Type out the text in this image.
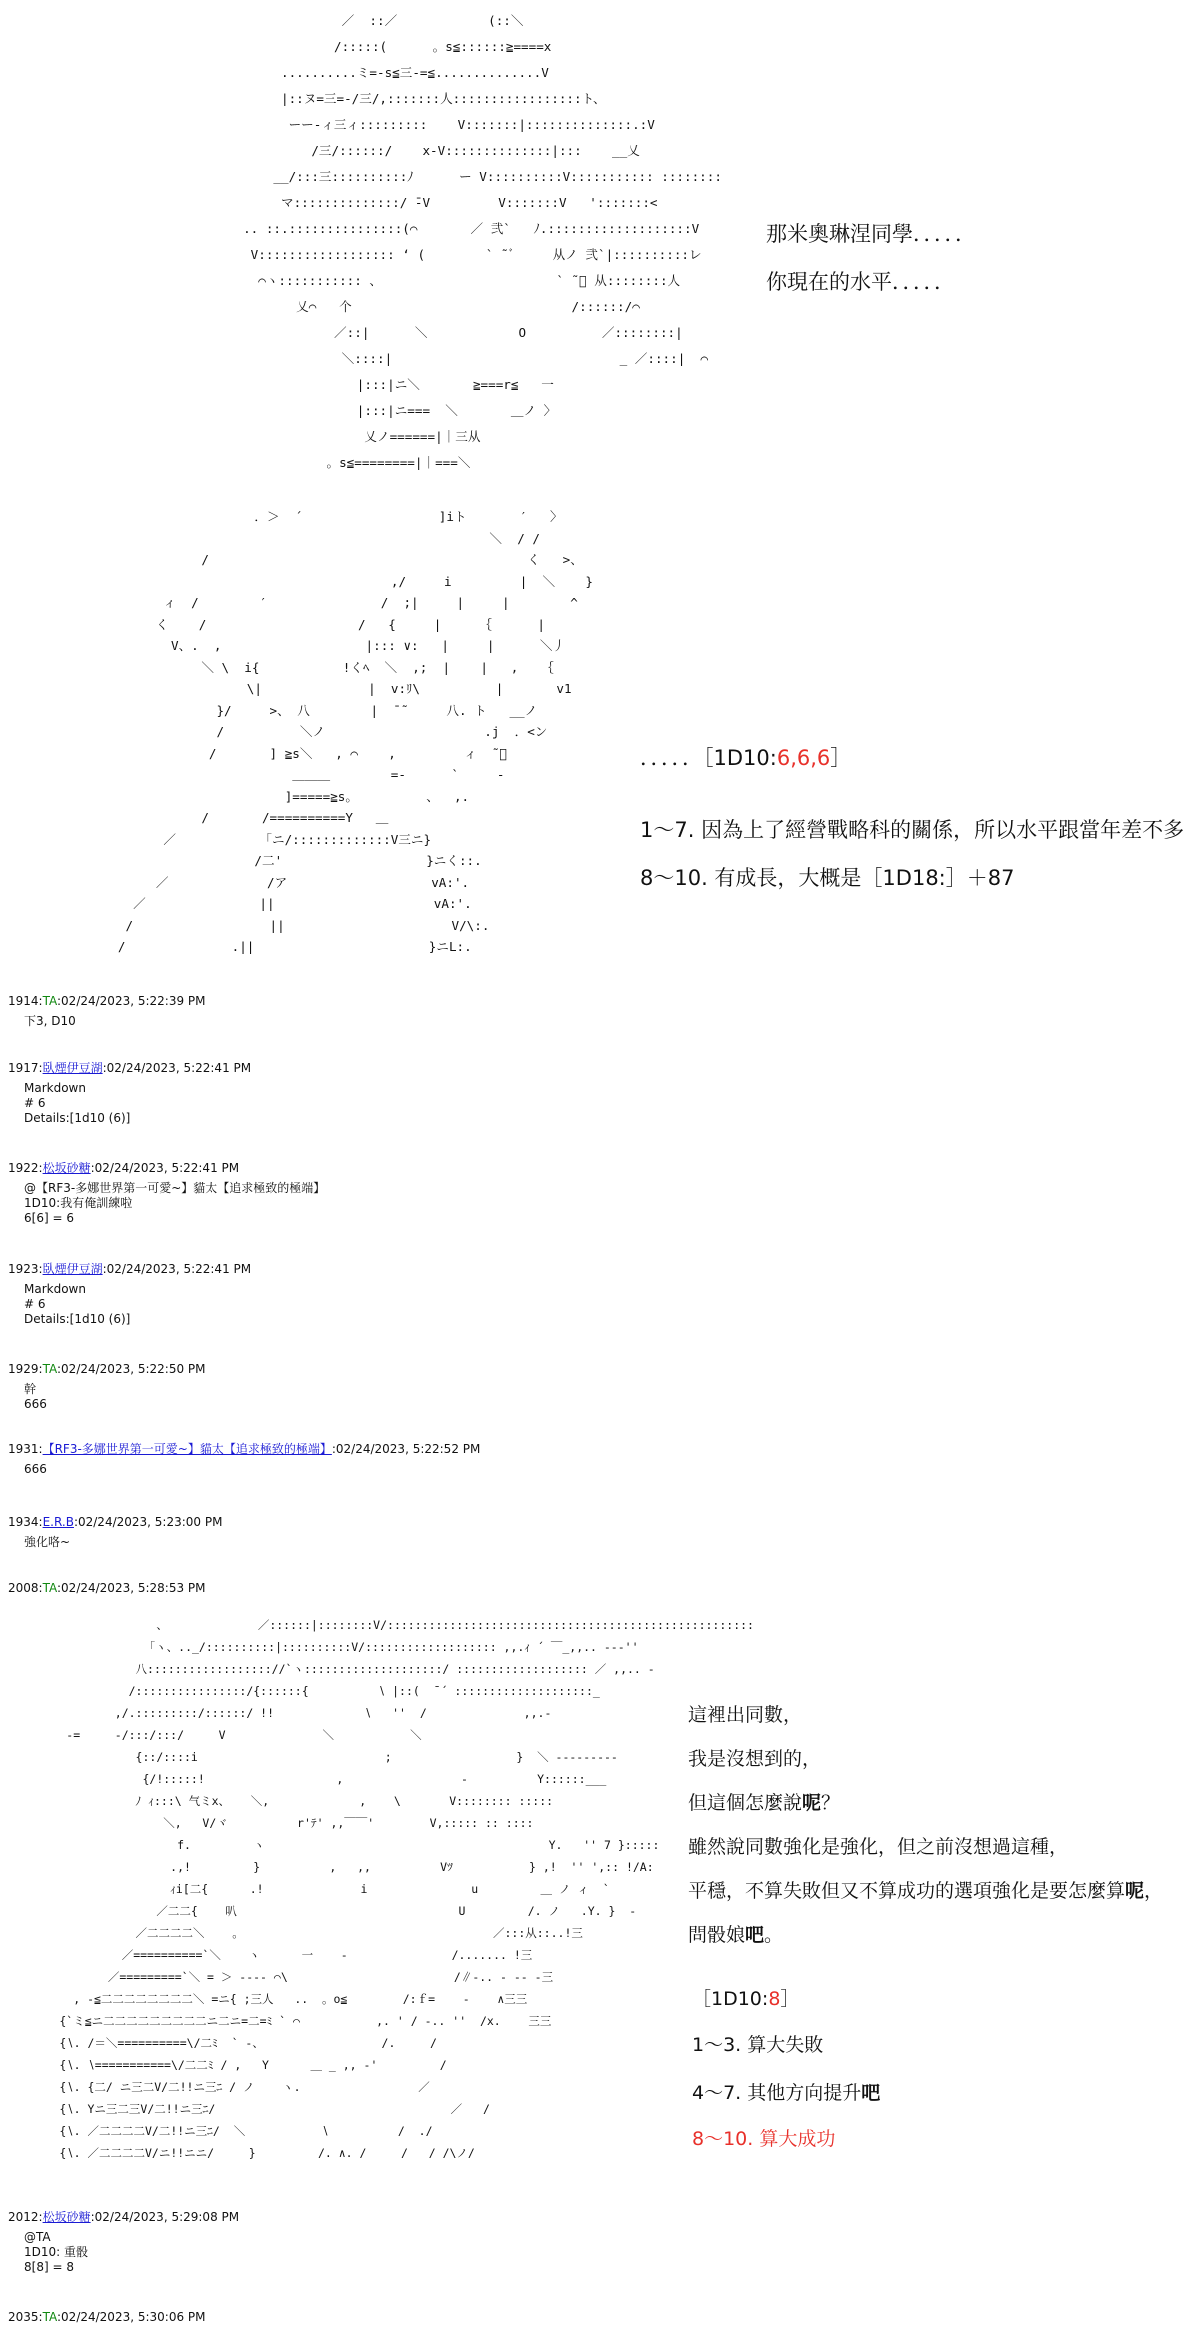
／  ::／            (::＼
/:::::(      。s≦::::::≧====x
..........ミ=-s≦三-=≦..............V
|::ヌ=三=-/三/,:::::::人:::::::::::::::::ト、
ーー-ィ三ィ:::::::::    V:::::::|::::::::::::::.:V
/三/::::::/    x-V::::::::::::::|:::    __乂
__/:::三::::::::::ﾉ      ー V::::::::::V::::::::::: ::::::::
マ::::::::::::::/ ̄-V         V:::::::V   ':::::::<
.. ::.:::::::::::::::(⌒       ／ 弐`   ﾉ.:::::::::::::::::::V
V:::::::::::::::::: ‘ (        ` ˜ﾞ     从ノ 弐`|::::::::::レ
⌒ヽ::::::::::: 、                       ` ˜ﾞ 从::::::::人
乂⌒   个                             /::::::/⌒
／::|      ＼            O          ／::::::::|
＼::::|                              _ ／::::|  ⌒
|:::|ニ＼       ≧===r≦   一
|:::|ニ===  ＼       ＿ノ 〉
乂ノ======|｜三从
。s≦========|｜===＼
那米奧琳涅同學．．．．．
你現在的水平．．．．．
．＞  ´                  ]iト       ′   〉
＼  / /
/                                          く   >、
,/     i         |  ＼    }
ィ  /        ′               /  ;|     |     |        ^
く    /                    /   {     |     ｛      |
V、.  ,                   |::: ∨:   |     |      ＼丿
＼ \  i{           !くﾍ  ＼  ,;  |    |   ,   ｛
\|              |  v:ﾘ\          |       v1
}/     >、 八        |  ̄ ˜     八. ト   __ノ
/          ＼ノ                     .j  ．<ン
/       ] ≧s＼   , ⌒    ,         ィ  ˜ﾞ
＿＿＿        =-      `     -
]=====≧s。         、  ,.
/       /==========Y   ＿
／           「ニ/:::::::::::::V三ニ}
/二'                   }ニく::.
／             /ア                   vA:'.
／               ||                     vA:'.
/                  ||                      V/\:.
/              .||                       }ニL:.
．．．．．［1D10:6,6,6］
1～7. 因為上了經營戰略科的關係，所以水平跟當年差不多
8～10. 有成長，大概是［1D18:］＋87
1914:TA:02/24/2023, 5:22:39 PM
下3, D10
1917:臥煙伊豆湖:02/24/2023, 5:22:41 PM
Markdown
# 6
Details:[1d10 (6)]
1922:松坂砂糖:02/24/2023, 5:22:41 PM
@【RF3-多娜世界第一可愛~】貓太【追求極致的極端】
1D10:我有俺訓練啦
6[6] = 6
1923:臥煙伊豆湖:02/24/2023, 5:22:41 PM
Markdown
# 6
Details:[1d10 (6)]
1929:TA:02/24/2023, 5:22:50 PM
幹
666
1931:【RF3-多娜世界第一可愛~】貓太【追求極致的極端】:02/24/2023, 5:22:52 PM
666
1934:E.R.B:02/24/2023, 5:23:00 PM
強化咯~
2008:TA:02/24/2023, 5:28:53 PM
2012:松坂砂糖:02/24/2023, 5:29:08 PM
@TA
1D10: 重骰
8[8] = 8
2035:TA:02/24/2023, 5:30:06 PM
、             ／::::::|::::::::V/:::::::::::::::::::::::::::::::::::::::::::::::::::::
｢ヽ、.._/::::::::::|::::::::::V/::::::::::::::::::: ,,.ｨ ´ ￣_,,.. ---''
八:::::::::::::::::://`ヽ::::::::::::::::::::/ ::::::::::::::::::: ／ ,,.. -
/::::::::::::::::/{::::::{          ∖ |::(  ̄ ´ ::::::::::::::::::::_
,/.:::::::::/::::::/ !!             ∖   ''  /              ,,.-
-=     -/:::/:::/     V              ＼           ＼
{::/::::i                           ;                  }  ＼ ---------
{/!:::::!                   ,                 -          Y::::::___
ﾉ ｨ:::\ 气ミx、   ＼,             ,    \       V:::::::: :::::
＼,   V/ヾ          r'ﾃ' ,,￣￣'        V,::::: :: ::::
f.         ヽ                                         Y.   '' 7 }:::::
.,!         }          ,   ,,          Vﾂ           } ,!  '' ',:: !/A:
ｨi[二{      .!              i               u         ＿ ノ ィ  `
／二二{    叭                                U         /. ノ   .Y. }  -
／二二二二＼    。                                    ／:::从::..!三
／==========`＼    ヽ      一    ‐               /....... !三
／=========`＼ = ＞ ---- ⌒\                        /∥‐.. ‐ ‐‐ ‐三
, -≦二二二二二二二二＼ =ニ{ ;三人   ..  。o≦        /:ｆ=    ‐    ∧三三
{`ミ≦ニ二二二二二二二二二ニ二ニ=二=ﾐ ` ⌒           ,. ' / ‐.. ''  /x.    三三
{∖. /＝＼==========\/二ﾐ  ` ‐、                 /.     /
{∖. ∖===========\/二二ﾐ / ,   Y      ＿ _ ,, -'         /
{∖. {二/ ニ三二V/二!!ニ三ﾆ / ノ    ヽ.                 ／
{∖. Yニ三二三V/二!!ニ三ﾆ/                                  ／   /
{∖. ／二二二二V/二!!ニ三ﾆ/  ＼           ∖          /  ./
{∖. ／二二二二V/ニ!!ニニ/     }         /. ∧. /     /   / /\ノ/
這裡出同數，
我是沒想到的，
但這個怎麼說呢？
雖然說同數強化是強化，但之前沒想過這種，
平穩，不算失敗但又不算成功的選項強化是要怎麼算呢，
問骰娘吧。
［1D10:8］
1～3. 算大失敗
4～7. 其他方向提升吧
8～10. 算大成功
